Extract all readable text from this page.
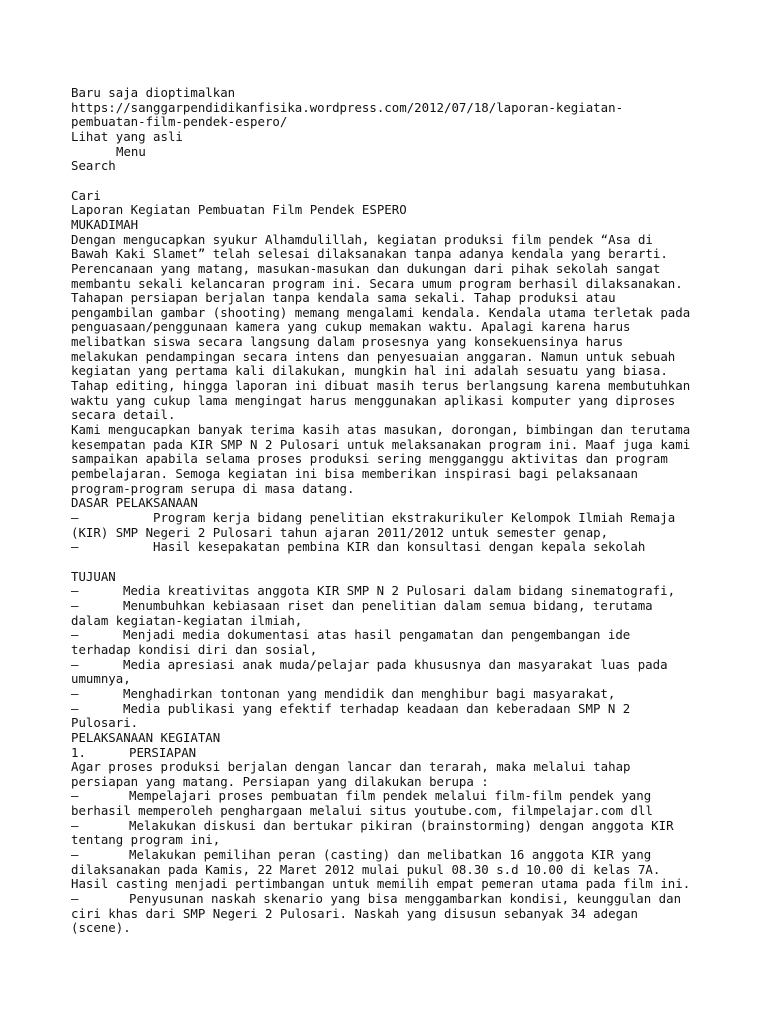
Baru saja dioptimalkan
https://sanggarpendidikanfisika.wordpress.com/2012/07/18/laporan-kegiatan-
pembuatan-film-pendek-espero/
Lihat yang asli
Menu
Search
Cari
Laporan Kegiatan Pembuatan Film Pendek ESPERO
MUKADIMAH
Dengan mengucapkan syukur Alhamdulillah, kegiatan produksi film pendek “Asa di
Bawah Kaki Slamet” telah selesai dilaksanakan tanpa adanya kendala yang berarti.
Perencanaan yang matang, masukan-masukan dan dukungan dari pihak sekolah sangat
membantu sekali kelancaran program ini. Secara umum program berhasil dilaksanakan.
Tahapan persiapan berjalan tanpa kendala sama sekali. Tahap produksi atau
pengambilan gambar (shooting) memang mengalami kendala. Kendala utama terletak pada
penguasaan/penggunaan kamera yang cukup memakan waktu. Apalagi karena harus
melibatkan siswa secara langsung dalam prosesnya yang konsekuensinya harus
melakukan pendampingan secara intens dan penyesuaian anggaran. Namun untuk sebuah
kegiatan yang pertama kali dilakukan, mungkin hal ini adalah sesuatu yang biasa.
Tahap editing, hingga laporan ini dibuat masih terus berlangsung karena membutuhkan
waktu yang cukup lama mengingat harus menggunakan aplikasi komputer yang diproses
secara detail.
Kami mengucapkan banyak terima kasih atas masukan, dorongan, bimbingan dan terutama
kesempatan pada KIR SMP N 2 Pulosari untuk melaksanakan program ini. Maaf juga kami
sampaikan apabila selama proses produksi sering mengganggu aktivitas dan program
pembelajaran. Semoga kegiatan ini bisa memberikan inspirasi bagi pelaksanaan
program-program serupa di masa datang.
DASAR PELAKSANAAN
–	Program kerja bidang penelitian ekstrakurikuler Kelompok Ilmiah Remaja
(KIR) SMP Negeri 2 Pulosari tahun ajaran 2011/2012 untuk semester genap,
–	Hasil kesepakatan pembina KIR dan konsultasi dengan kepala sekolah
TUJUAN
–	Media kreativitas anggota KIR SMP N 2 Pulosari dalam bidang sinematografi,
–	Menumbuhkan kebiasaan riset dan penelitian dalam semua bidang, terutama
dalam kegiatan-kegiatan ilmiah,
–	Menjadi media dokumentasi atas hasil pengamatan dan pengembangan ide
terhadap kondisi diri dan sosial,
–	Media apresiasi anak muda/pelajar pada khususnya dan masyarakat luas pada
umumnya,
–	Menghadirkan tontonan yang mendidik dan menghibur bagi masyarakat,
–	Media publikasi yang efektif terhadap keadaan dan keberadaan SMP N 2
Pulosari.
PELAKSANAAN KEGIATAN
1.	PERSIAPAN
Agar proses produksi berjalan dengan lancar dan terarah, maka melalui tahap
persiapan yang matang. Persiapan yang dilakukan berupa :
–	Mempelajari proses pembuatan film pendek melalui film-film pendek yang
berhasil memperoleh penghargaan melalui situs youtube.com, filmpelajar.com dll
–	Melakukan diskusi dan bertukar pikiran (brainstorming) dengan anggota KIR
tentang program ini,
–	Melakukan pemilihan peran (casting) dan melibatkan 16 anggota KIR yang
dilaksanakan pada Kamis, 22 Maret 2012 mulai pukul 08.30 s.d 10.00 di kelas 7A.
Hasil casting menjadi pertimbangan untuk memilih empat pemeran utama pada film ini.
–	Penyusunan naskah skenario yang bisa menggambarkan kondisi, keunggulan dan
ciri khas dari SMP Negeri 2 Pulosari. Naskah yang disusun sebanyak 34 adegan
(scene).
